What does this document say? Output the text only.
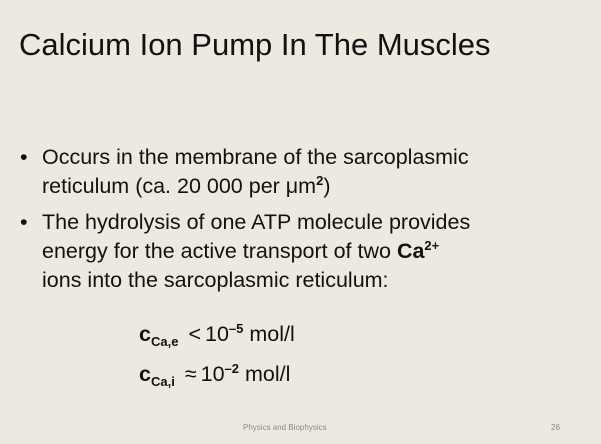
Calcium Ion Pump In The Muscles
• Occurs in the membrane of the sarcoplasmic
reticulum (ca. 20 000 per $\mu m^2$)
• The hydrolysis of one ATP molecule provides
energy for the active transport of two $Ca^{2+}$
ions into the sarcoplasmic reticulum:
$c_{Ca,e} < 10^{-5}$ mol/l
$c_{Ca,i} \approx 10^{-2}$ mol/l
Physics and Biophysics	26
